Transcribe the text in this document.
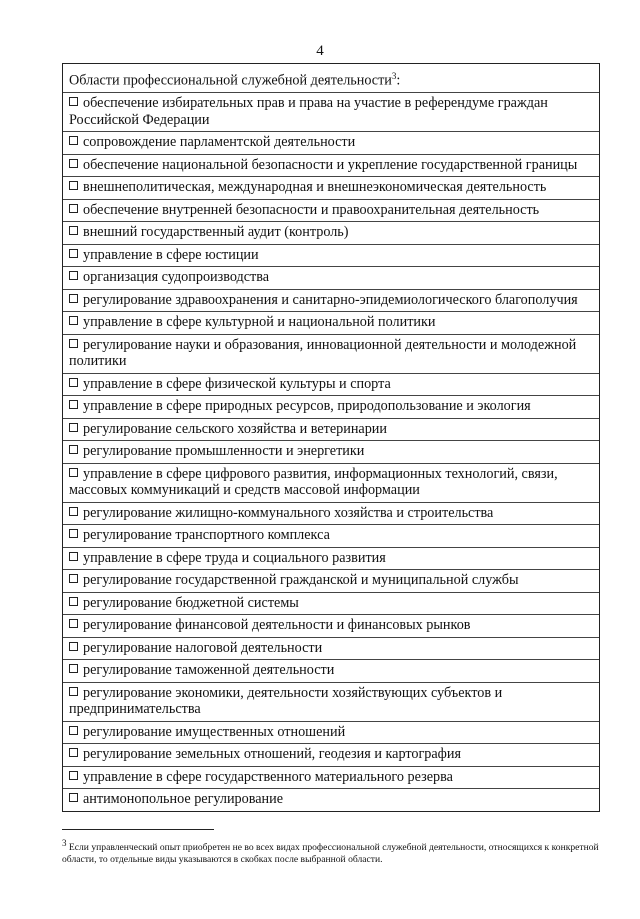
4
Области профессиональной служебной деятельности$^3$:
обеспечение избирательных прав и права на участие в референдуме граждан Российской Федерации
сопровождение парламентской деятельности
обеспечение национальной безопасности и укрепление государственной границы
внешнеполитическая, международная и внешнеэкономическая деятельность
обеспечение внутренней безопасности и правоохранительная деятельность
внешний государственный аудит (контроль)
управление в сфере юстиции
организация судопроизводства
регулирование здравоохранения и санитарно-эпидемиологического благополучия
управление в сфере культурной и национальной политики
регулирование науки и образования, инновационной деятельности и молодежной политики
управление в сфере физической культуры и спорта
управление в сфере природных ресурсов, природопользование и экология
регулирование сельского хозяйства и ветеринарии
регулирование промышленности и энергетики
управление в сфере цифрового развития, информационных технологий, связи, массовых коммуникаций и средств массовой информации
регулирование жилищно-коммунального хозяйства и строительства
регулирование транспортного комплекса
управление в сфере труда и социального развития
регулирование государственной гражданской и муниципальной службы
регулирование бюджетной системы
регулирование финансовой деятельности и финансовых рынков
регулирование налоговой деятельности
регулирование таможенной деятельности
регулирование экономики, деятельности хозяйствующих субъектов и предпринимательства
регулирование имущественных отношений
регулирование земельных отношений, геодезия и картография
управление в сфере государственного материального резерва
антимонопольное регулирование
$^3$ Если управленческий опыт приобретен не во всех видах профессиональной служебной деятельности, относящихся к конкретной области, то отдельные виды указываются в скобках после выбранной области.
